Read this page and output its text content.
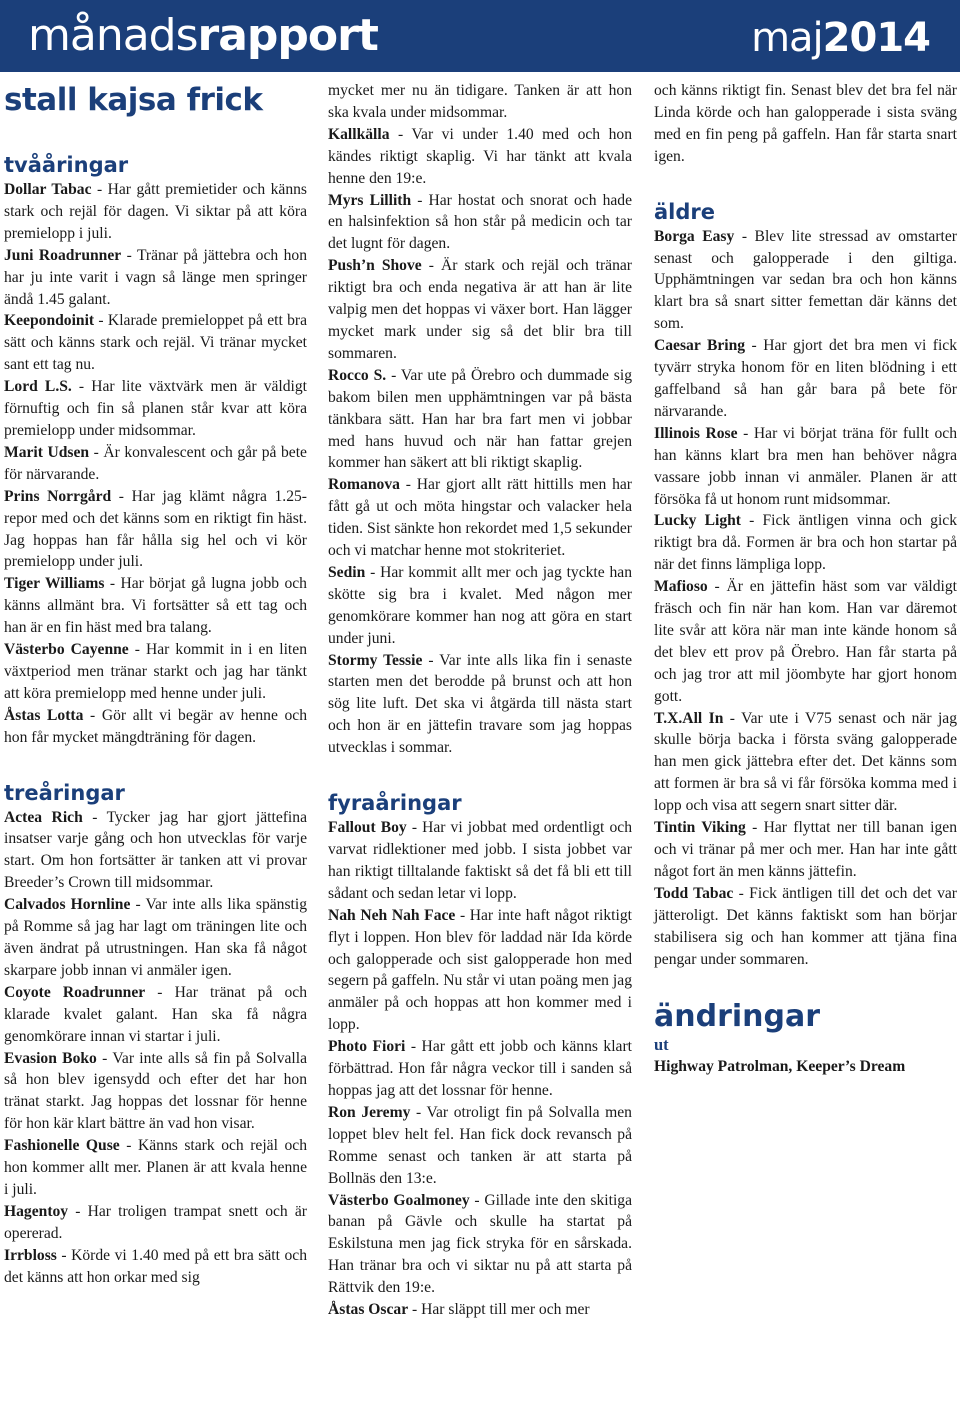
månadsrapport	maj2014
stall kajsa frick
tvååringar

Dollar Tabac - Har gått premietider och känns stark och rejäl för dagen. Vi siktar på att köra premielopp i juli.

Juni Roadrunner - Tränar på jättebra och hon har ju inte varit i vagn så länge men springer ändå 1.45 galant.

Keepondoinit - Klarade premieloppet på ett bra sätt och känns stark och rejäl. Vi tränar mycket sant ett tag nu.

Lord L.S. - Har lite växtvärk men är väldigt förnuftig och fin så planen står kvar att köra premielopp under midsommar.

Marit Udsen - Är konvalescent och går på bete för närvarande.

Prins Norrgård - Har jag klämt några 1.25-repor med och det känns som en riktigt fin häst. Jag hoppas han får hålla sig hel och vi kör premielopp under juli.

Tiger Williams - Har börjat gå lugna jobb och känns allmänt bra. Vi fortsätter så ett tag och han är en fin häst med bra talang.

Västerbo Cayenne - Har kommit in i en liten växtperiod men tränar starkt och jag har tänkt att köra premielopp med henne under juli.

Åstas Lotta - Gör allt vi begär av henne och hon får mycket mängdträning för dagen.

treåringar

Actea Rich - Tycker jag har gjort jättefina insatser varje gång och hon utvecklas för varje start. Om hon fortsätter är tanken att vi provar Breeder’s Crown till midsommar.

Calvados Hornline - Var inte alls lika spänstig på Romme så jag har lagt om träningen lite och även ändrat på utrustningen. Han ska få något skarpare jobb innan vi anmäler igen.

Coyote Roadrunner - Har tränat på och klarade kvalet galant. Han ska få några genomkörare innan vi startar i juli.

Evasion Boko - Var inte alls så fin på Solvalla så hon blev igensydd och efter det har hon tränat starkt. Jag hoppas det lossnar för henne för hon kär klart bättre än vad hon visar.

Fashionelle Quse - Känns stark och rejäl och hon kommer allt mer. Planen är att kvala henne i juli.

Hagentoy - Har troligen trampat snett och är opererad.

Irrbloss - Körde vi 1.40 med på ett bra sätt och det känns att hon orkar med sig

mycket mer nu än tidigare. Tanken är att hon ska kvala under midsommar.

Kallkälla - Var vi under 1.40 med och hon kändes riktigt skaplig. Vi har tänkt att kvala henne den 19:e.

Myrs Lillith - Har hostat och snorat och hade en halsinfektion så hon står på medicin och tar det lugnt för dagen.

Push’n Shove - Är stark och rejäl och tränar riktigt bra och enda negativa är att han är lite valpig men det hoppas vi växer bort. Han lägger mycket mark under sig så det blir bra till sommaren.

Rocco S. - Var ute på Örebro och dummade sig bakom bilen men upphämtningen var på bästa tänkbara sätt. Han har bra fart men vi jobbar med hans huvud och när han fattar grejen kommer han säkert att bli riktigt skaplig.

Romanova - Har gjort allt rätt hittills men har fått gå ut och möta hingstar och valacker hela tiden. Sist sänkte hon rekordet med 1,5 sekunder och vi matchar henne mot stokriteriet.

Sedin - Har kommit allt mer och jag tyckte han skötte sig bra i kvalet. Med någon mer genomkörare kommer han nog att göra en start under juni.

Stormy Tessie - Var inte alls lika fin i senaste starten men det berodde på brunst och att hon sög lite luft. Det ska vi åtgärda till nästa start och hon är en jättefin travare som jag hoppas utvecklas i sommar.

fyraåringar

Fallout Boy - Har vi jobbat med ordentligt och varvat ridlektioner med jobb. I sista jobbet var han riktigt tilltalande faktiskt så det få bli ett till sådant och sedan letar vi lopp.

Nah Neh Nah Face - Har inte haft något riktigt flyt i loppen. Hon blev för laddad när Ida körde och galopperade och sist galopperade hon med segern på gaffeln. Nu står vi utan poäng men jag anmäler på och hoppas att hon kommer med i lopp.

Photo Fiori - Har gått ett jobb och känns klart förbättrad. Hon får några veckor till i sanden så hoppas jag att det lossnar för henne.

Ron Jeremy - Var otroligt fin på Solvalla men loppet blev helt fel. Han fick dock revansch på Romme senast och tanken är att starta på Bollnäs den 13:e.

Västerbo Goalmoney - Gillade inte den skitiga banan på Gävle och skulle ha startat på Eskilstuna men jag fick stryka för en sårskada. Han tränar bra och vi siktar nu på att starta på Rättvik den 19:e.

Åstas Oscar - Har släppt till mer och mer

och känns riktigt fin. Senast blev det bra fel när Linda körde och han galopperade i sista sväng med en fin peng på gaffeln. Han får starta snart igen.

äldre

Borga Easy - Blev lite stressad av omstarter senast och galopperade i den giltiga. Upphämtningen var sedan bra och hon känns klart bra så snart sitter femettan där känns det som.

Caesar Bring - Har gjort det bra men vi fick tyvärr stryka honom för en liten blödning i ett gaffelband så han går bara på bete för närvarande.

Illinois Rose - Har vi börjat träna för fullt och han känns klart bra men han behöver några vassare jobb innan vi anmäler. Planen är att försöka få ut honom runt midsommar.

Lucky Light - Fick äntligen vinna och gick riktigt bra då. Formen är bra och hon startar på när det finns lämpliga lopp.

Mafioso - Är en jättefin häst som var väldigt fräsch och fin när han kom. Han var däremot lite svår att köra när man inte kände honom så det blev ett prov på Örebro. Han får starta på och jag tror att mil jöombyte har gjort honom gott.

T.X.All In - Var ute i V75 senast och när jag skulle börja backa i första sväng galopperade han men gick jättebra efter det. Det känns som att formen är bra så vi får försöka komma med i lopp och visa att segern snart sitter där.

Tintin Viking - Har flyttat ner till banan igen och vi tränar på mer och mer. Han har inte gått något fort än men känns jättefin.

Todd Tabac - Fick äntligen till det och det var jätteroligt. Det känns faktiskt som han börjar stabilisera sig och han kommer att tjäna fina pengar under sommaren.

ändringar

ut

Highway Patrolman, Keeper’s Dream
